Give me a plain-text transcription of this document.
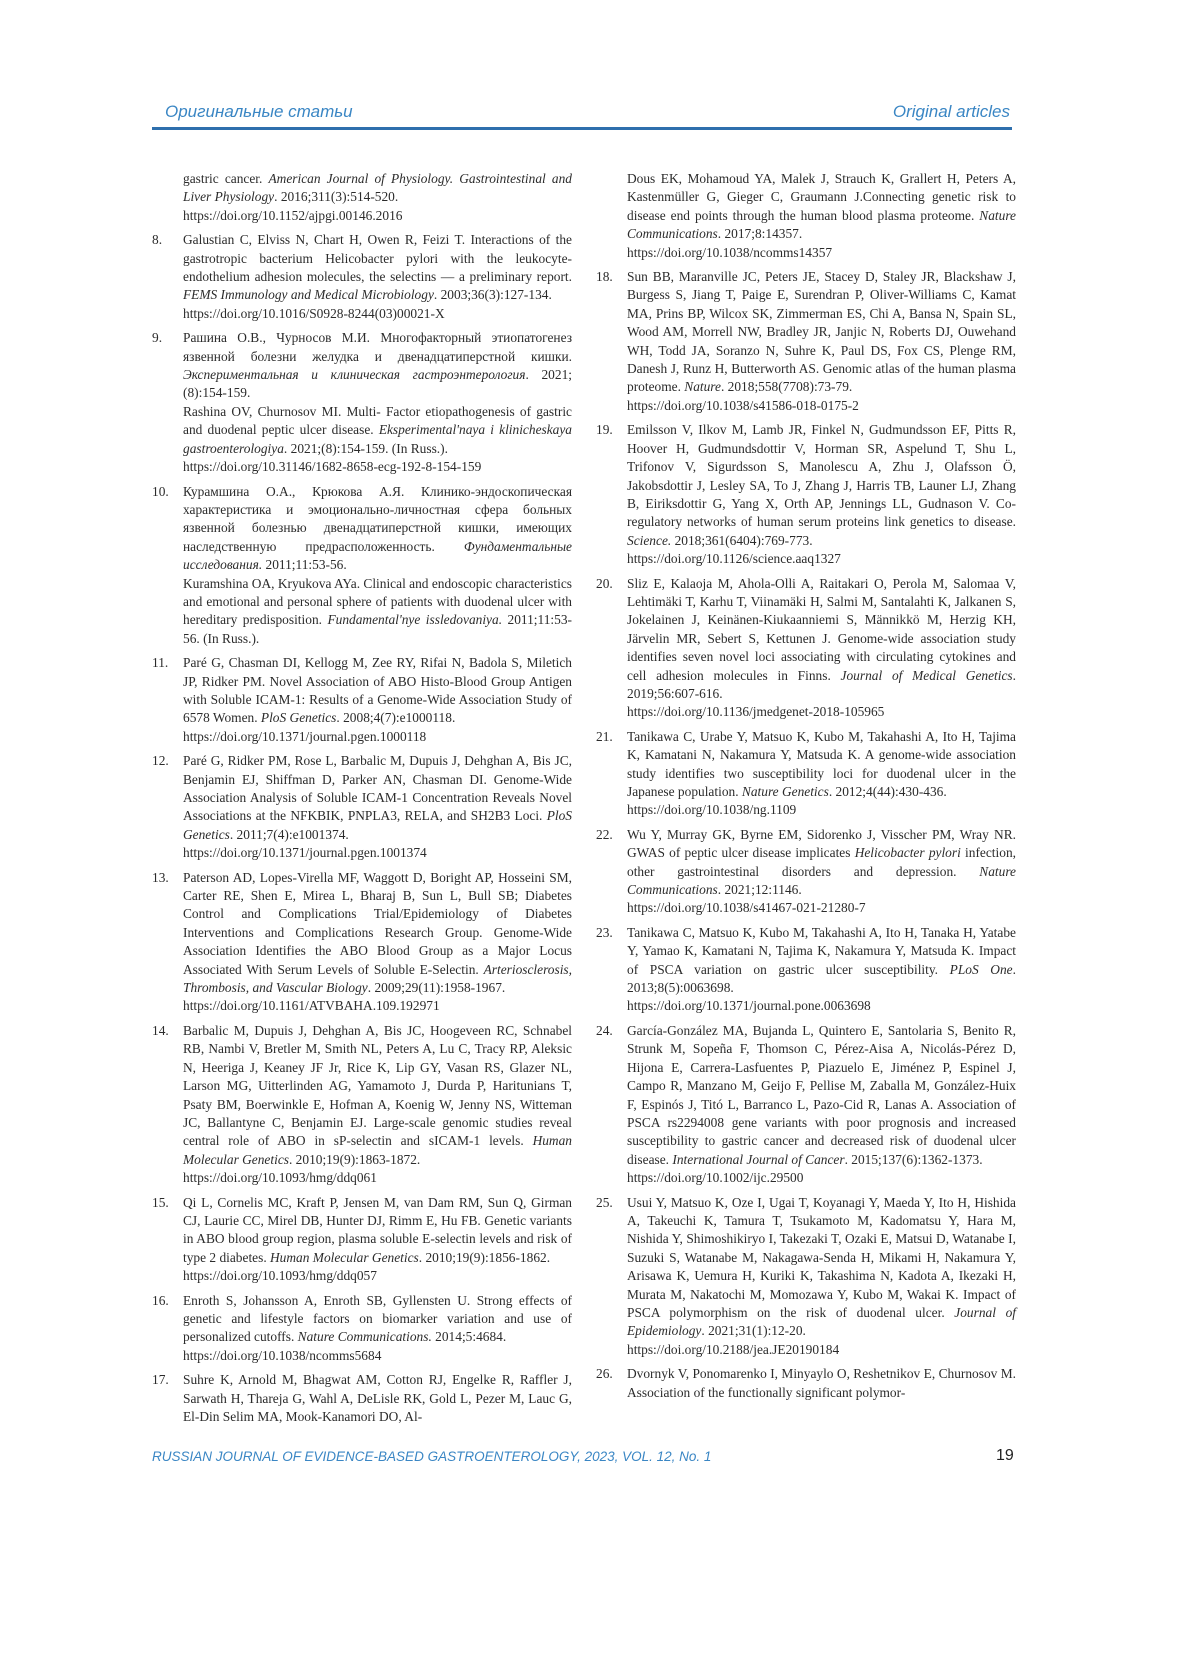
Оригинальные статьи	Original articles
gastric cancer. American Journal of Physiology. Gastrointestinal and Liver Physiology. 2016;311(3):514-520.
https://doi.org/10.1152/ajpgi.00146.2016
8.	Galustian C, Elviss N, Chart H, Owen R, Feizi T. Interactions of the gastrotropic bacterium Helicobacter pylori with the leukocyte-endothelium adhesion molecules, the selectins — a preliminary report. FEMS Immunology and Medical Microbiology. 2003;36(3):127-134.
https://doi.org/10.1016/S0928-8244(03)00021-X
9.	Рашина О.В., Чурносов М.И. Многофакторный этиопатогенез язвенной болезни желудка и двенадцатиперстной кишки. Экспериментальная и клиническая гастроэнтерология. 2021;(8):154-159.
Rashina OV, Churnosov MI. Multi- Factor etiopathogenesis of gastric and duodenal peptic ulcer disease. Eksperimental'naya i klinicheskaya gastroenterologiya. 2021;(8):154-159. (In Russ.).
https://doi.org/10.31146/1682-8658-ecg-192-8-154-159
10.	Курамшина О.А., Крюкова А.Я. Клинико-эндоскопическая характеристика и эмоционально-личностная сфера больных язвенной болезнью двенадцатиперстной кишки, имеющих наследственную предрасположенность. Фундаментальные исследования. 2011;11:53-56.
Kuramshina OA, Kryukova AYa. Clinical and endoscopic characteristics and emotional and personal sphere of patients with duodenal ulcer with hereditary predisposition. Fundamental'nye issledovaniya. 2011;11:53-56. (In Russ.).
11.	Paré G, Chasman DI, Kellogg M, Zee RY, Rifai N, Badola S, Miletich JP, Ridker PM. Novel Association of ABO Histo-Blood Group Antigen with Soluble ICAM-1: Results of a Genome-Wide Association Study of 6578 Women. PloS Genetics. 2008;4(7):e1000118.
https://doi.org/10.1371/journal.pgen.1000118
12.	Paré G, Ridker PM, Rose L, Barbalic M, Dupuis J, Dehghan A, Bis JC, Benjamin EJ, Shiffman D, Parker AN, Chasman DI. Genome-Wide Association Analysis of Soluble ICAM-1 Concentration Reveals Novel Associations at the NFKBIK, PNPLA3, RELA, and SH2B3 Loci. PloS Genetics. 2011;7(4):e1001374.
https://doi.org/10.1371/journal.pgen.1001374
13.	Paterson AD, Lopes-Virella MF, Waggott D, Boright AP, Hosseini SM, Carter RE, Shen E, Mirea L, Bharaj B, Sun L, Bull SB; Diabetes Control and Complications Trial/Epidemiology of Diabetes Interventions and Complications Research Group. Genome-Wide Association Identifies the ABO Blood Group as a Major Locus Associated With Serum Levels of Soluble E-Selectin. Arteriosclerosis, Thrombosis, and Vascular Biology. 2009;29(11):1958-1967.
https://doi.org/10.1161/ATVBAHA.109.192971
14.	Barbalic M, Dupuis J, Dehghan A, Bis JC, Hoogeveen RC, Schnabel RB, Nambi V, Bretler M, Smith NL, Peters A, Lu C, Tracy RP, Aleksic N, Heeriga J, Keaney JF Jr, Rice K, Lip GY, Vasan RS, Glazer NL, Larson MG, Uitterlinden AG, Yamamoto J, Durda P, Haritunians T, Psaty BM, Boerwinkle E, Hofman A, Koenig W, Jenny NS, Witteman JC, Ballantyne C, Benjamin EJ. Large-scale genomic studies reveal central role of ABO in sP-selectin and sICAM-1 levels. Human Molecular Genetics. 2010;19(9):1863-1872.
https://doi.org/10.1093/hmg/ddq061
15.	Qi L, Cornelis MC, Kraft P, Jensen M, van Dam RM, Sun Q, Girman CJ, Laurie CC, Mirel DB, Hunter DJ, Rimm E, Hu FB. Genetic variants in ABO blood group region, plasma soluble E-selectin levels and risk of type 2 diabetes. Human Molecular Genetics. 2010;19(9):1856-1862.
https://doi.org/10.1093/hmg/ddq057
16.	Enroth S, Johansson A, Enroth SB, Gyllensten U. Strong effects of genetic and lifestyle factors on biomarker variation and use of personalized cutoffs. Nature Communications. 2014;5:4684.
https://doi.org/10.1038/ncomms5684
17.	Suhre K, Arnold M, Bhagwat AM, Cotton RJ, Engelke R, Raffler J, Sarwath H, Thareja G, Wahl A, DeLisle RK, Gold L, Pezer M, Lauc G, El-Din Selim MA, Mook-Kanamori DO, Al-
Dous EK, Mohamoud YA, Malek J, Strauch K, Grallert H, Peters A, Kastenmüller G, Gieger C, Graumann J.Connecting genetic risk to disease end points through the human blood plasma proteome. Nature Communications. 2017;8:14357.
https://doi.org/10.1038/ncomms14357
18.	Sun BB, Maranville JC, Peters JE, Stacey D, Staley JR, Blackshaw J, Burgess S, Jiang T, Paige E, Surendran P, Oliver-Williams C, Kamat MA, Prins BP, Wilcox SK, Zimmerman ES, Chi A, Bansa N, Spain SL, Wood AM, Morrell NW, Bradley JR, Janjic N, Roberts DJ, Ouwehand WH, Todd JA, Soranzo N, Suhre K, Paul DS, Fox CS, Plenge RM, Danesh J, Runz H, Butterworth AS. Genomic atlas of the human plasma proteome. Nature. 2018;558(7708):73-79.
https://doi.org/10.1038/s41586-018-0175-2
19.	Emilsson V, Ilkov M, Lamb JR, Finkel N, Gudmundsson EF, Pitts R, Hoover H, Gudmundsdottir V, Horman SR, Aspelund T, Shu L, Trifonov V, Sigurdsson S, Manolescu A, Zhu J, Olafsson Ö, Jakobsdottir J, Lesley SA, To J, Zhang J, Harris TB, Launer LJ, Zhang B, Eiriksdottir G, Yang X, Orth AP, Jennings LL, Gudnason V. Co-regulatory networks of human serum proteins link genetics to disease. Science. 2018;361(6404):769-773.
https://doi.org/10.1126/science.aaq1327
20.	Sliz E, Kalaoja M, Ahola-Olli A, Raitakari O, Perola M, Salomaa V, Lehtimäki T, Karhu T, Viinamäki H, Salmi M, Santalahti K, Jalkanen S, Jokelainen J, Keinänen-Kiukaanniemi S, Männikkö M, Herzig KH, Järvelin MR, Sebert S, Kettunen J. Genome-wide association study identifies seven novel loci associating with circulating cytokines and cell adhesion molecules in Finns. Journal of Medical Genetics. 2019;56:607-616.
https://doi.org/10.1136/jmedgenet-2018-105965
21.	Tanikawa C, Urabe Y, Matsuo K, Kubo M, Takahashi A, Ito H, Tajima K, Kamatani N, Nakamura Y, Matsuda K. A genome-wide association study identifies two susceptibility loci for duodenal ulcer in the Japanese population. Nature Genetics. 2012;4(44):430-436.
https://doi.org/10.1038/ng.1109
22.	Wu Y, Murray GK, Byrne EM, Sidorenko J, Visscher PM, Wray NR. GWAS of peptic ulcer disease implicates Helicobacter pylori infection, other gastrointestinal disorders and depression. Nature Communications. 2021;12:1146.
https://doi.org/10.1038/s41467-021-21280-7
23.	Tanikawa C, Matsuo K, Kubo M, Takahashi A, Ito H, Tanaka H, Yatabe Y, Yamao K, Kamatani N, Tajima K, Nakamura Y, Matsuda K. Impact of PSCA variation on gastric ulcer susceptibility. PLoS One. 2013;8(5):0063698.
https://doi.org/10.1371/journal.pone.0063698
24.	García-González MA, Bujanda L, Quintero E, Santolaria S, Benito R, Strunk M, Sopeña F, Thomson C, Pérez-Aisa A, Nicolás-Pérez D, Hijona E, Carrera-Lasfuentes P, Piazuelo E, Jiménez P, Espinel J, Campo R, Manzano M, Geijo F, Pellise M, Zaballa M, González-Huix F, Espinós J, Titó L, Barranco L, Pazo-Cid R, Lanas A. Association of PSCA rs2294008 gene variants with poor prognosis and increased susceptibility to gastric cancer and decreased risk of duodenal ulcer disease. International Journal of Cancer. 2015;137(6):1362-1373.
https://doi.org/10.1002/ijc.29500
25.	Usui Y, Matsuo K, Oze I, Ugai T, Koyanagi Y, Maeda Y, Ito H, Hishida A, Takeuchi K, Tamura T, Tsukamoto M, Kadomatsu Y, Hara M, Nishida Y, Shimoshikiryo I, Takezaki T, Ozaki E, Matsui D, Watanabe I, Suzuki S, Watanabe M, Nakagawa-Senda H, Mikami H, Nakamura Y, Arisawa K, Uemura H, Kuriki K, Takashima N, Kadota A, Ikezaki H, Murata M, Nakatochi M, Momozawa Y, Kubo M, Wakai K. Impact of PSCA polymorphism on the risk of duodenal ulcer. Journal of Epidemiology. 2021;31(1):12-20.
https://doi.org/10.2188/jea.JE20190184
26.	Dvornyk V, Ponomarenko I, Minyaylo O, Reshetnikov E, Churnosov M. Association of the functionally significant polymor-
RUSSIAN JOURNAL OF EVIDENCE-BASED GASTROENTEROLOGY, 2023, VOL. 12, No. 1	19
